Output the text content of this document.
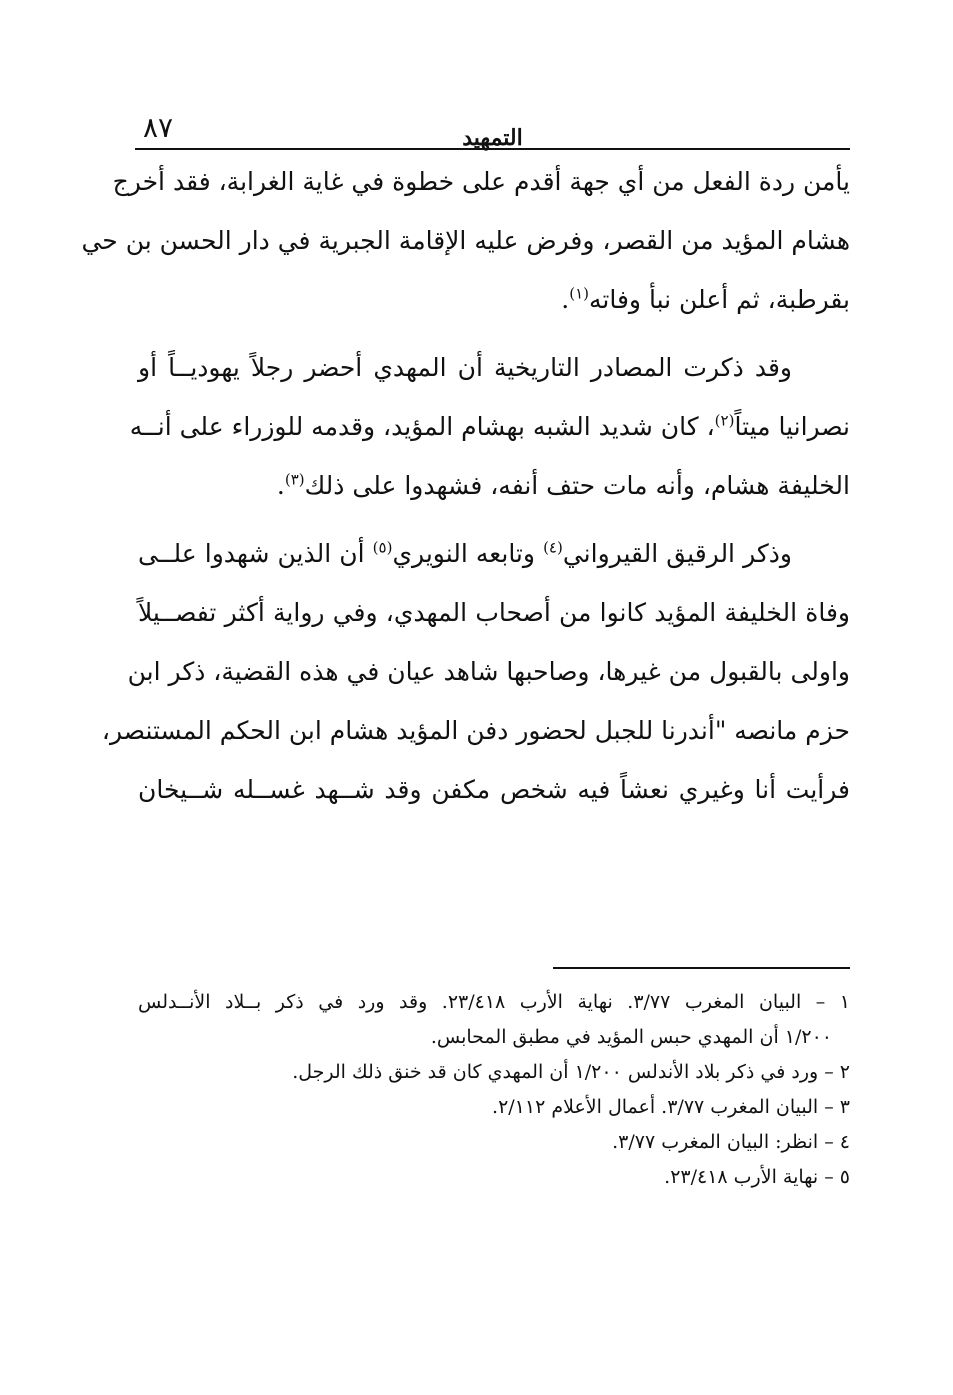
٨٧	التمهيد
يأمن ردة الفعل من أي جهة أقدم على خطوة في غاية الغرابة، فقد أخرج
هشام المؤيد من القصر، وفرض عليه الإقامة الجبرية في دار الحسن بن حي
بقرطبة، ثم أعلن نبأ وفاته$^{(١)}$.
وقد ذكرت المصادر التاريخية أن المهدي أحضر رجلاً يهوديــاً أو
نصرانيا ميتاً$^{(٢)}$، كان شديد الشبه بهشام المؤيد، وقدمه للوزراء على أنــه
الخليفة هشام، وأنه مات حتف أنفه، فشهدوا على ذلك$^{(٣)}$.
وذكر الرقيق القيرواني$^{(٤)}$ وتابعه النويري$^{(٥)}$ أن الذين شهدوا علــى
وفاة الخليفة المؤيد كانوا من أصحاب المهدي، وفي رواية أكثر تفصــيلاً
واولى بالقبول من غيرها، وصاحبها شاهد عيان في هذه القضية، ذكر ابن
حزم مانصه "أندرنا للجبل لحضور دفن المؤيد هشام ابن الحكم المستنصر،
فرأيت أنا وغيري نعشاً فيه شخص مكفن وقد شــهد غســله شــيخان
١ – البيان المغرب ٣/٧٧. نهاية الأرب ٢٣/٤١٨. وقد ورد في ذكر بــلاد الأنــدلس
١/٢٠٠ أن المهدي حبس المؤيد في مطبق المحابس.
٢ – ورد في ذكر بلاد الأندلس ١/٢٠٠ أن المهدي كان قد خنق ذلك الرجل.
٣ – البيان المغرب ٣/٧٧. أعمال الأعلام ٢/١١٢.
٤ – انظر: البيان المغرب ٣/٧٧.
٥ – نهاية الأرب ٢٣/٤١٨.
